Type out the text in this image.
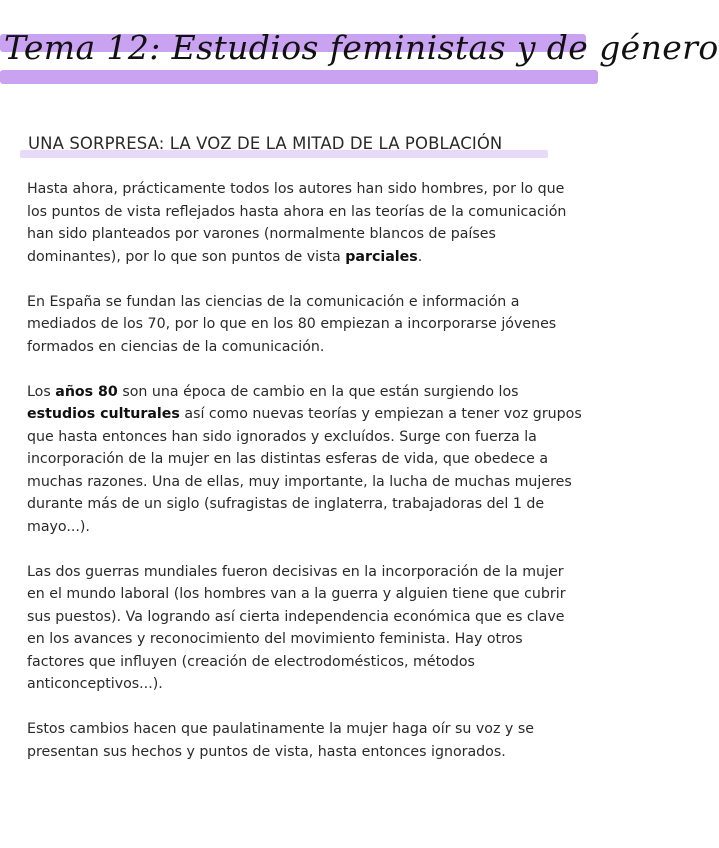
Tema 12: Estudios feministas y de género
UNA SORPRESA: LA VOZ DE LA MITAD DE LA POBLACIÓN

Hasta ahora, prácticamente todos los autores han sido hombres, por lo que los puntos de vista reflejados hasta ahora en las teorías de la comunicación han sido planteados por varones (normalmente blancos de países dominantes), por lo que son puntos de vista parciales.

En España se fundan las ciencias de la comunicación e información a mediados de los 70, por lo que en los 80 empiezan a incorporarse jóvenes formados en ciencias de la comunicación.

Los años 80 son una época de cambio en la que están surgiendo los estudios culturales así como nuevas teorías y empiezan a tener voz grupos que hasta entonces han sido ignorados y excluídos. Surge con fuerza la incorporación de la mujer en las distintas esferas de vida, que obedece a muchas razones. Una de ellas, muy importante, la lucha de muchas mujeres durante más de un siglo (sufragistas de inglaterra, trabajadoras del 1 de mayo...).

Las dos guerras mundiales fueron decisivas en la incorporación de la mujer en el mundo laboral (los hombres van a la guerra y alguien tiene que cubrir sus puestos). Va logrando así cierta independencia económica que es clave en los avances y reconocimiento del movimiento feminista. Hay otros factores que influyen (creación de electrodomésticos, métodos anticonceptivos...).

Estos cambios hacen que paulatinamente la mujer haga oír su voz y se presentan sus hechos y puntos de vista, hasta entonces ignorados.
